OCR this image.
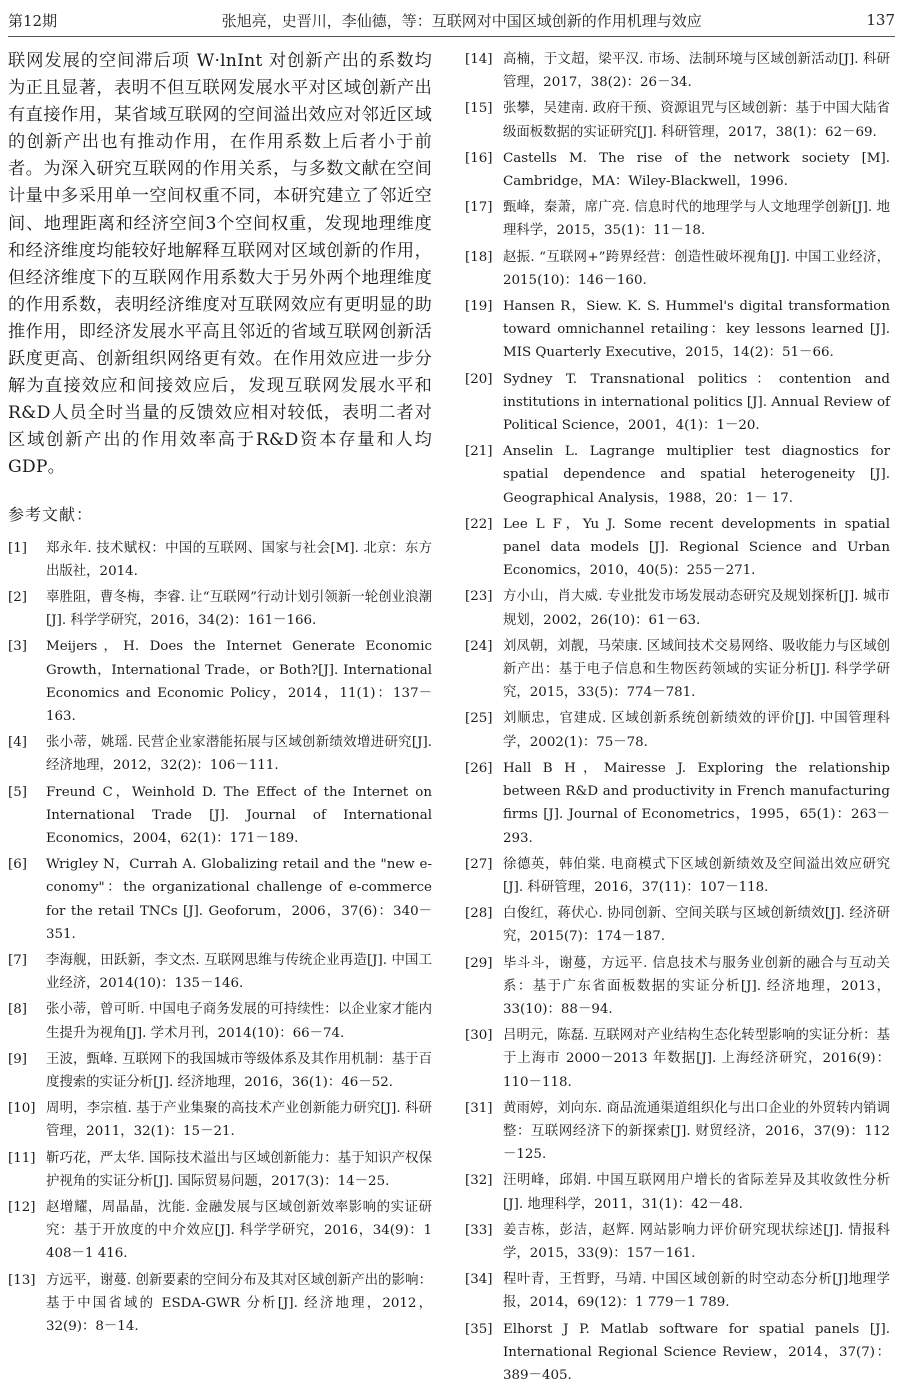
第12期	张旭亮，史晋川，李仙德，等：互联网对中国区域创新的作用机理与效应	137

联网发展的空间滞后项 W·lnInt 对创新产出的系数均为正且显著，表明不但互联网发展水平对区域创新产出有直接作用，某省域互联网的空间溢出效应对邻近区域的创新产出也有推动作用，在作用系数上后者小于前者。为深入研究互联网的作用关系，与多数文献在空间计量中多采用单一空间权重不同，本研究建立了邻近空间、地理距离和经济空间3个空间权重，发现地理维度和经济维度均能较好地解释互联网对区域创新的作用，但经济维度下的互联网作用系数大于另外两个地理维度的作用系数，表明经济维度对互联网效应有更明显的助推作用，即经济发展水平高且邻近的省域互联网创新活跃度更高、创新组织网络更有效。在作用效应进一步分解为直接效应和间接效应后，发现互联网发展水平和R&D人员全时当量的反馈效应相对较低，表明二者对区域创新产出的作用效率高于R&D资本存量和人均GDP。

参考文献：
[1]	郑永年. 技术赋权：中国的互联网、国家与社会[M]. 北京：东方出版社，2014.
[2]	辜胜阻，曹冬梅，李睿. 让“互联网”行动计划引领新一轮创业浪潮[J]. 科学学研究，2016，34(2)：161－166.
[3]	Meijers，H. Does the Internet Generate Economic Growth，International Trade，or Both?[J]. International Economics and Economic Policy，2014，11(1)：137－163.
[4]	张小蒂，姚瑶. 民营企业家潜能拓展与区域创新绩效增进研究[J]. 经济地理，2012，32(2)：106－111.
[5]	Freund C，Weinhold D. The Effect of the Internet on International Trade [J]. Journal of International Economics，2004，62(1)：171－189.
[6]	Wrigley N，Currah A. Globalizing retail and the "new e-conomy"：the organizational challenge of e-commerce for the retail TNCs [J]. Geoforum，2006，37(6)：340－351.
[7]	李海舰，田跃新，李文杰. 互联网思维与传统企业再造[J]. 中国工业经济，2014(10)：135－146.
[8]	张小蒂，曾可昕. 中国电子商务发展的可持续性：以企业家才能内生提升为视角[J]. 学术月刊，2014(10)：66－74.
[9]	王波，甄峰. 互联网下的我国城市等级体系及其作用机制：基于百度搜索的实证分析[J]. 经济地理，2016，36(1)：46－52.
[10] 周明，李宗植. 基于产业集聚的高技术产业创新能力研究[J]. 科研管理，2011，32(1)：15－21.
[11] 靳巧花，严太华. 国际技术溢出与区域创新能力：基于知识产权保护视角的实证分析[J]. 国际贸易问题，2017(3)：14－25.
[12] 赵增耀，周晶晶，沈能. 金融发展与区域创新效率影响的实证研究：基于开放度的中介效应[J]. 科学学研究，2016，34(9)：1 408－1 416.
[13] 方远平，谢蔓. 创新要素的空间分布及其对区域创新产出的影响：基于中国省域的 ESDA-GWR 分析[J]. 经济地理，2012，32(9)：8－14.
[14] 高楠，于文超，梁平汉. 市场、法制环境与区域创新活动[J]. 科研管理，2017，38(2)：26－34.
[15] 张攀，吴建南. 政府干预、资源诅咒与区域创新：基于中国大陆省级面板数据的实证研究[J]. 科研管理，2017，38(1)：62－69.
[16] Castells M. The rise of the network society [M]. Cambridge，MA：Wiley-Blackwell，1996.
[17] 甄峰，秦萧，席广亮. 信息时代的地理学与人文地理学创新[J]. 地理科学，2015，35(1)：11－18.
[18] 赵振. “互联网+”跨界经营：创造性破坏视角[J]. 中国工业经济，2015(10)：146－160.
[19] Hansen R，Siew. K. S. Hummel's digital transformation toward omnichannel retailing：key lessons learned [J]. MIS Quarterly Executive，2015，14(2)：51－66.
[20] Sydney T. Transnational politics：contention and institutions in international politics [J]. Annual Review of Political Science，2001，4(1)：1－20.
[21] Anselin L. Lagrange multiplier test diagnostics for spatial dependence and spatial heterogeneity [J]. Geographical Analysis，1988，20：1－ 17.
[22] Lee L F，Yu J. Some recent developments in spatial panel data models [J]. Regional Science and Urban Economics，2010，40(5)：255－271.
[23] 方小山，肖大威. 专业批发市场发展动态研究及规划探析[J]. 城市规划，2002，26(10)：61－63.
[24] 刘凤朝，刘靓，马荣康. 区域间技术交易网络、吸收能力与区域创新产出：基于电子信息和生物医药领域的实证分析[J]. 科学学研究，2015，33(5)：774－781.
[25] 刘顺忠，官建成. 区域创新系统创新绩效的评价[J]. 中国管理科学，2002(1)：75－78.
[26] Hall B H，Mairesse J. Exploring the relationship between R&D and productivity in French manufacturing firms [J]. Journal of Econometrics，1995，65(1)：263－293.
[27] 徐德英，韩伯棠. 电商模式下区域创新绩效及空间溢出效应研究[J]. 科研管理，2016，37(11)：107－118.
[28] 白俊红，蒋伏心. 协同创新、空间关联与区域创新绩效[J]. 经济研究，2015(7)：174－187.
[29] 毕斗斗，谢蔓，方远平. 信息技术与服务业创新的融合与互动关系：基于广东省面板数据的实证分析[J]. 经济地理，2013，33(10)：88－94.
[30] 吕明元，陈磊. 互联网对产业结构生态化转型影响的实证分析：基于上海市 2000－2013 年数据[J]. 上海经济研究，2016(9)：110－118.
[31] 黄雨婷，刘向东. 商品流通渠道组织化与出口企业的外贸转内销调整：互联网经济下的新探索[J]. 财贸经济，2016，37(9)：112－125.
[32] 汪明峰，邱娟. 中国互联网用户增长的省际差异及其收敛性分析[J]. 地理科学，2011，31(1)：42－48.
[33] 姜吉栋，彭洁，赵辉. 网站影响力评价研究现状综述[J]. 情报科学，2015，33(9)：157－161.
[34] 程叶青，王哲野，马靖. 中国区域创新的时空动态分析[J]地理学报，2014，69(12)：1 779－1 789.
[35] Elhorst J P. Matlab software for spatial panels [J]. International Regional Science Review，2014，37(7)：389－405.
